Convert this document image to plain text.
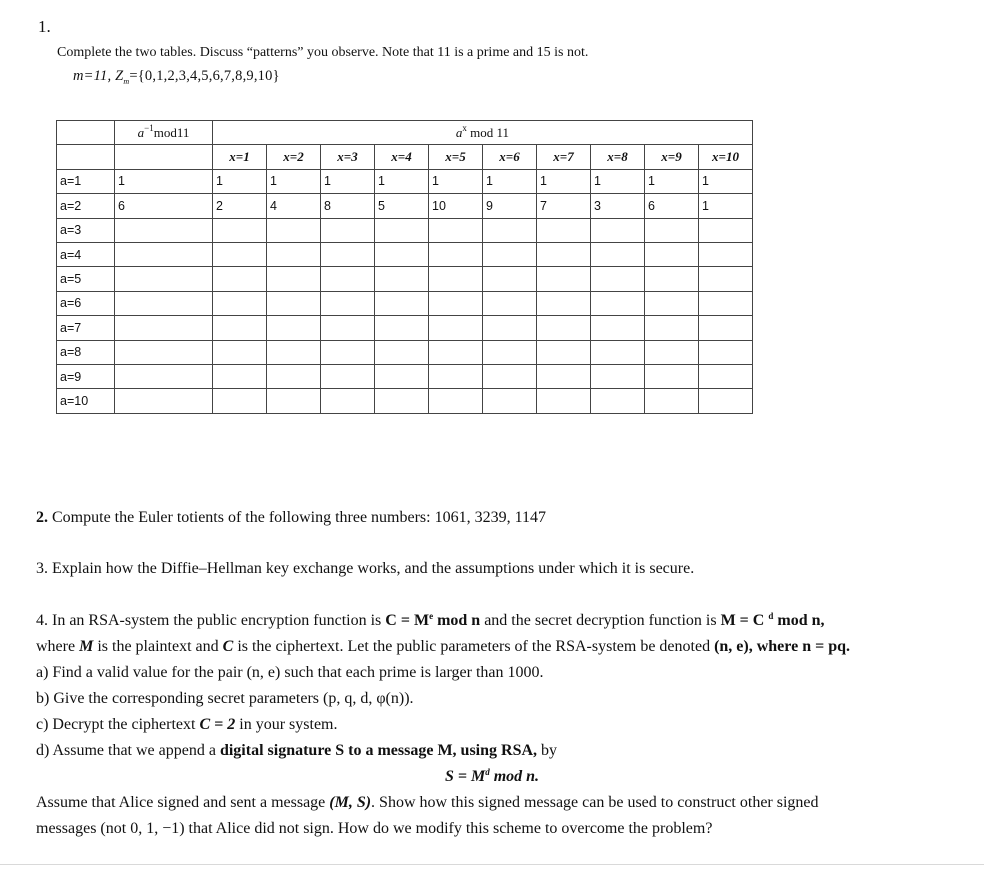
1.
Complete the two tables. Discuss “patterns” you observe. Note that 11 is a prime and 15 is not.
m=11, $Z_m=\{0,1,2,3,4,5,6,7,8,9,10\}$
	$a^{-1}mod11$	$a^x$ mod 11									
		x=1	x=2	x=3	x=4	x=5	x=6	x=7	x=8	x=9	x=10
a=1	1	1	1	1	1	1	1	1	1	1	1
a=2	6	2	4	8	5	10	9	7	3	6	1
a=3											
a=4											
a=5											
a=6											
a=7											
a=8											
a=9											
a=10											
2. Compute the Euler totients of the following three numbers: 1061, 3239, 1147
3. Explain how the Diffie–Hellman key exchange works, and the assumptions under which it is secure.
4. In an RSA-system the public encryption function is $C = M^e$ mod n and the secret decryption function is M = C $^d$ mod n,
where M is the plaintext and C is the ciphertext. Let the public parameters of the RSA-system be denoted (n, e), where n = pq.
a) Find a valid value for the pair (n, e) such that each prime is larger than 1000.
b) Give the corresponding secret parameters (p, q, d, φ(n)).
c) Decrypt the ciphertext C = 2 in your system.
d) Assume that we append a digital signature S to a message M, using RSA, by
$S = M^d$ mod n.
Assume that Alice signed and sent a message (M, S). Show how this signed message can be used to construct other signed
messages (not 0, 1, −1) that Alice did not sign. How do we modify this scheme to overcome the problem?
